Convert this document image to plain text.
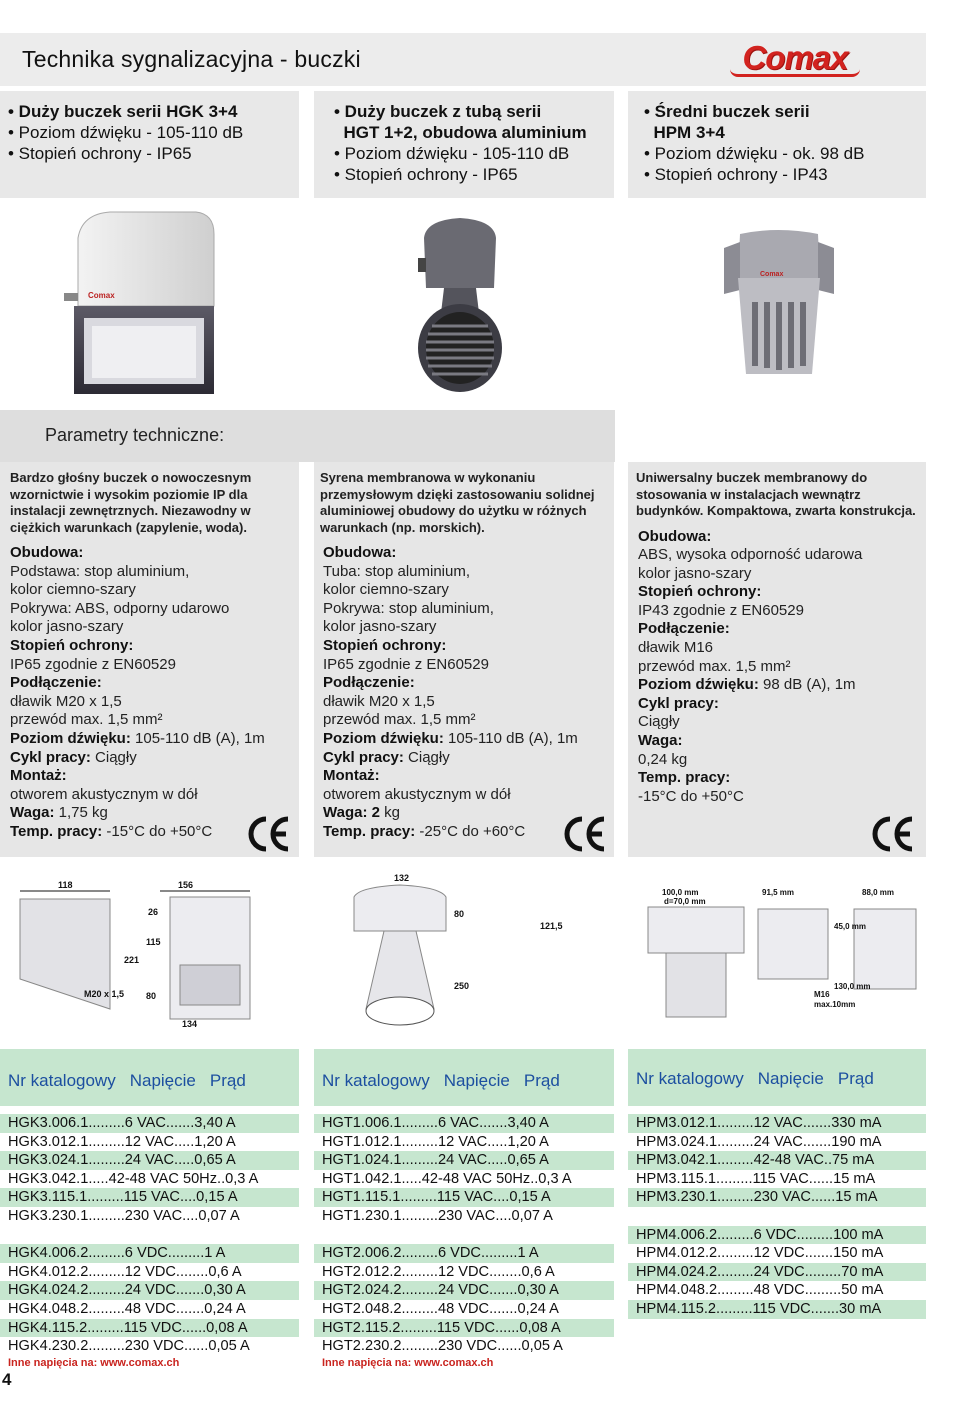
Technika sygnalizacyjna - buczki	Comax
• Duży buczek serii HGK 3+4
• Poziom dźwięku - 105-110 dB
• Stopień ochrony - IP65
• Duży buczek z tubą serii
HGT 1+2, obudowa aluminium
• Poziom dźwięku - 105-110 dB
• Stopień ochrony - IP65
• Średni buczek serii
HPM 3+4
• Poziom dźwięku - ok. 98 dB
• Stopień ochrony - IP43
Comax
Comax
Parametry techniczne:
Bardzo głośny buczek o nowoczesnym wzornictwie i wysokim poziomie IP dla instalacji zewnętrznych. Niezawodny w ciężkich warunkach (zapylenie, woda).
Obudowa:
Podstawa: stop aluminium,
kolor ciemno-szary
Pokrywa: ABS, odporny udarowo
kolor jasno-szary
Stopień ochrony:
IP65 zgodnie z EN60529
Podłączenie:
dławik M20 x 1,5
przewód max. 1,5 mm²
Poziom dźwięku: 105-110 dB (A), 1m
Cykl pracy: Ciągły
Montaż:
otworem akustycznym w dół
Waga: 1,75 kg
Temp. pracy: -15°C do +50°C
Syrena membranowa w wykonaniu przemysłowym dzięki zastosowaniu solidnej aluminiowej obudowy do użytku w różnych warunkach (np. morskich).
Obudowa:
Tuba: stop aluminium,
kolor ciemno-szary
Pokrywa: stop aluminium,
kolor jasno-szary
Stopień ochrony:
IP65 zgodnie z EN60529
Podłączenie:
dławik M20 x 1,5
przewód max. 1,5 mm²
Poziom dźwięku: 105-110 dB (A), 1m
Cykl pracy: Ciągły
Montaż:
otworem akustycznym w dół
Waga: 2 kg
Temp. pracy: -25°C do +60°C
Uniwersalny buczek membranowy do stosowania w instalacjach wewnątrz budynków. Kompaktowa, zwarta konstrukcja.
Obudowa:
ABS, wysoka odporność udarowa
kolor jasno-szary
Stopień ochrony:
IP43 zgodnie z EN60529
Podłączenie:
dławik M16
przewód max. 1,5 mm²
Poziom dźwięku: 98 dB (A), 1m
Cykl pracy:
Ciągły
Waga:
0,24 kg
Temp. pracy:
-15°C do +50°C
118	156
26
115
221
80
M20 x 1,5
134
132
80
121,5
250
100,0 mm
d=70,0 mm
91,5 mm	88,0 mm
45,0 mm
130,0 mm
M16
max.10mm
Nr katalogowy Napięcie Prąd
HGK3.006.1.........6 VAC.......3,40 A
HGK3.012.1.........12 VAC.....1,20 A
HGK3.024.1.........24 VAC.....0,65 A
HGK3.042.1.....42-48 VAC 50Hz..0,3 A
HGK3.115.1.........115 VAC....0,15 A
HGK3.230.1.........230 VAC....0,07 A
HGK4.006.2.........6 VDC.........1 A
HGK4.012.2.........12 VDC........0,6 A
HGK4.024.2.........24 VDC.......0,30 A
HGK4.048.2.........48 VDC.......0,24 A
HGK4.115.2.........115 VDC......0,08 A
HGK4.230.2.........230 VDC......0,05 A
Inne napięcia na: www.comax.ch
Nr katalogowy Napięcie Prąd
HGT1.006.1.........6 VAC.......3,40 A
HGT1.012.1.........12 VAC.....1,20 A
HGT1.024.1.........24 VAC.....0,65 A
HGT1.042.1.....42-48 VAC 50Hz..0,3 A
HGT1.115.1.........115 VAC....0,15 A
HGT1.230.1.........230 VAC....0,07 A
HGT2.006.2.........6 VDC.........1 A
HGT2.012.2.........12 VDC........0,6 A
HGT2.024.2.........24 VDC.......0,30 A
HGT2.048.2.........48 VDC.......0,24 A
HGT2.115.2.........115 VDC......0,08 A
HGT2.230.2.........230 VDC......0,05 A
Inne napięcia na: www.comax.ch
Nr katalogowy Napięcie Prąd
HPM3.012.1.........12 VAC.......330 mA
HPM3.024.1.........24 VAC.......190 mA
HPM3.042.1.........42-48 VAC..75 mA
HPM3.115.1.........115 VAC......15 mA
HPM3.230.1.........230 VAC......15 mA
HPM4.006.2.........6 VDC.........100 mA
HPM4.012.2.........12 VDC.......150 mA
HPM4.024.2.........24 VDC.........70 mA
HPM4.048.2.........48 VDC.........50 mA
HPM4.115.2.........115 VDC.......30 mA
4
